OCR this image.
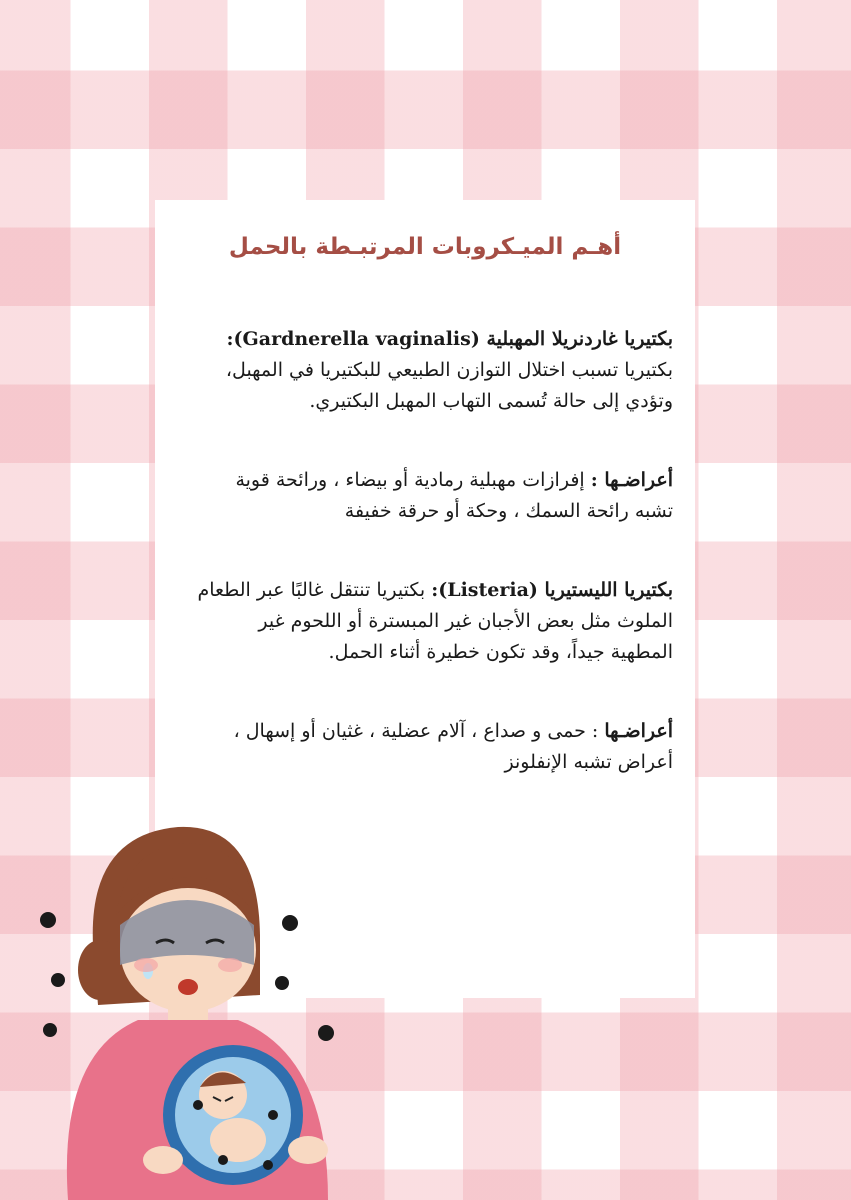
أهـم الميـكروبات المرتبـطة بالحمل

بكتيريا غاردنريلا المهبلية (Gardnerella vaginalis): بكتيريا تسبب اختلال التوازن الطبيعي للبكتيريا في المهبل، وتؤدي إلى حالة تُسمى التهاب المهبل البكتيري.

أعراضـها : إفرازات مهبلية رمادية أو بيضاء ، ورائحة قوية تشبه رائحة السمك ، وحكة أو حرقة خفيفة

بكتيريا الليستيريا (Listeria): بكتيريا تنتقل غالبًا عبر الطعام الملوث مثل بعض الأجبان غير المبسترة أو اللحوم غير المطهية جيداً، وقد تكون خطيرة أثناء الحمل.

أعراضـها : حمى و صداع ، آلام عضلية ، غثيان أو إسهال ، أعراض تشبه الإنفلونز
